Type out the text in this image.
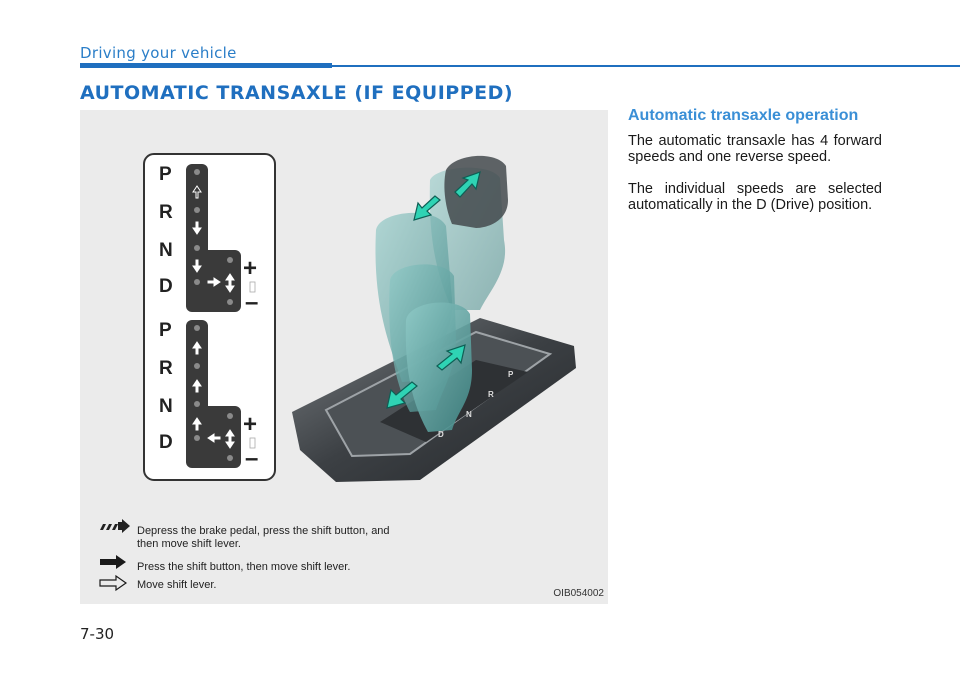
Driving your vehicle
AUTOMATIC TRANSAXLE (IF EQUIPPED)
P
R
N
D
P
R
N
D
+
–
+
–
P
R
N
D
Depress the brake pedal, press the shift button, and then move shift lever.
Press the shift button, then move shift lever.
Move shift lever.
OIB054002
Automatic transaxle operation

The automatic transaxle has 4 forward speeds and one reverse speed.

The individual speeds are selected automatically in the D (Drive) position.

7-30
